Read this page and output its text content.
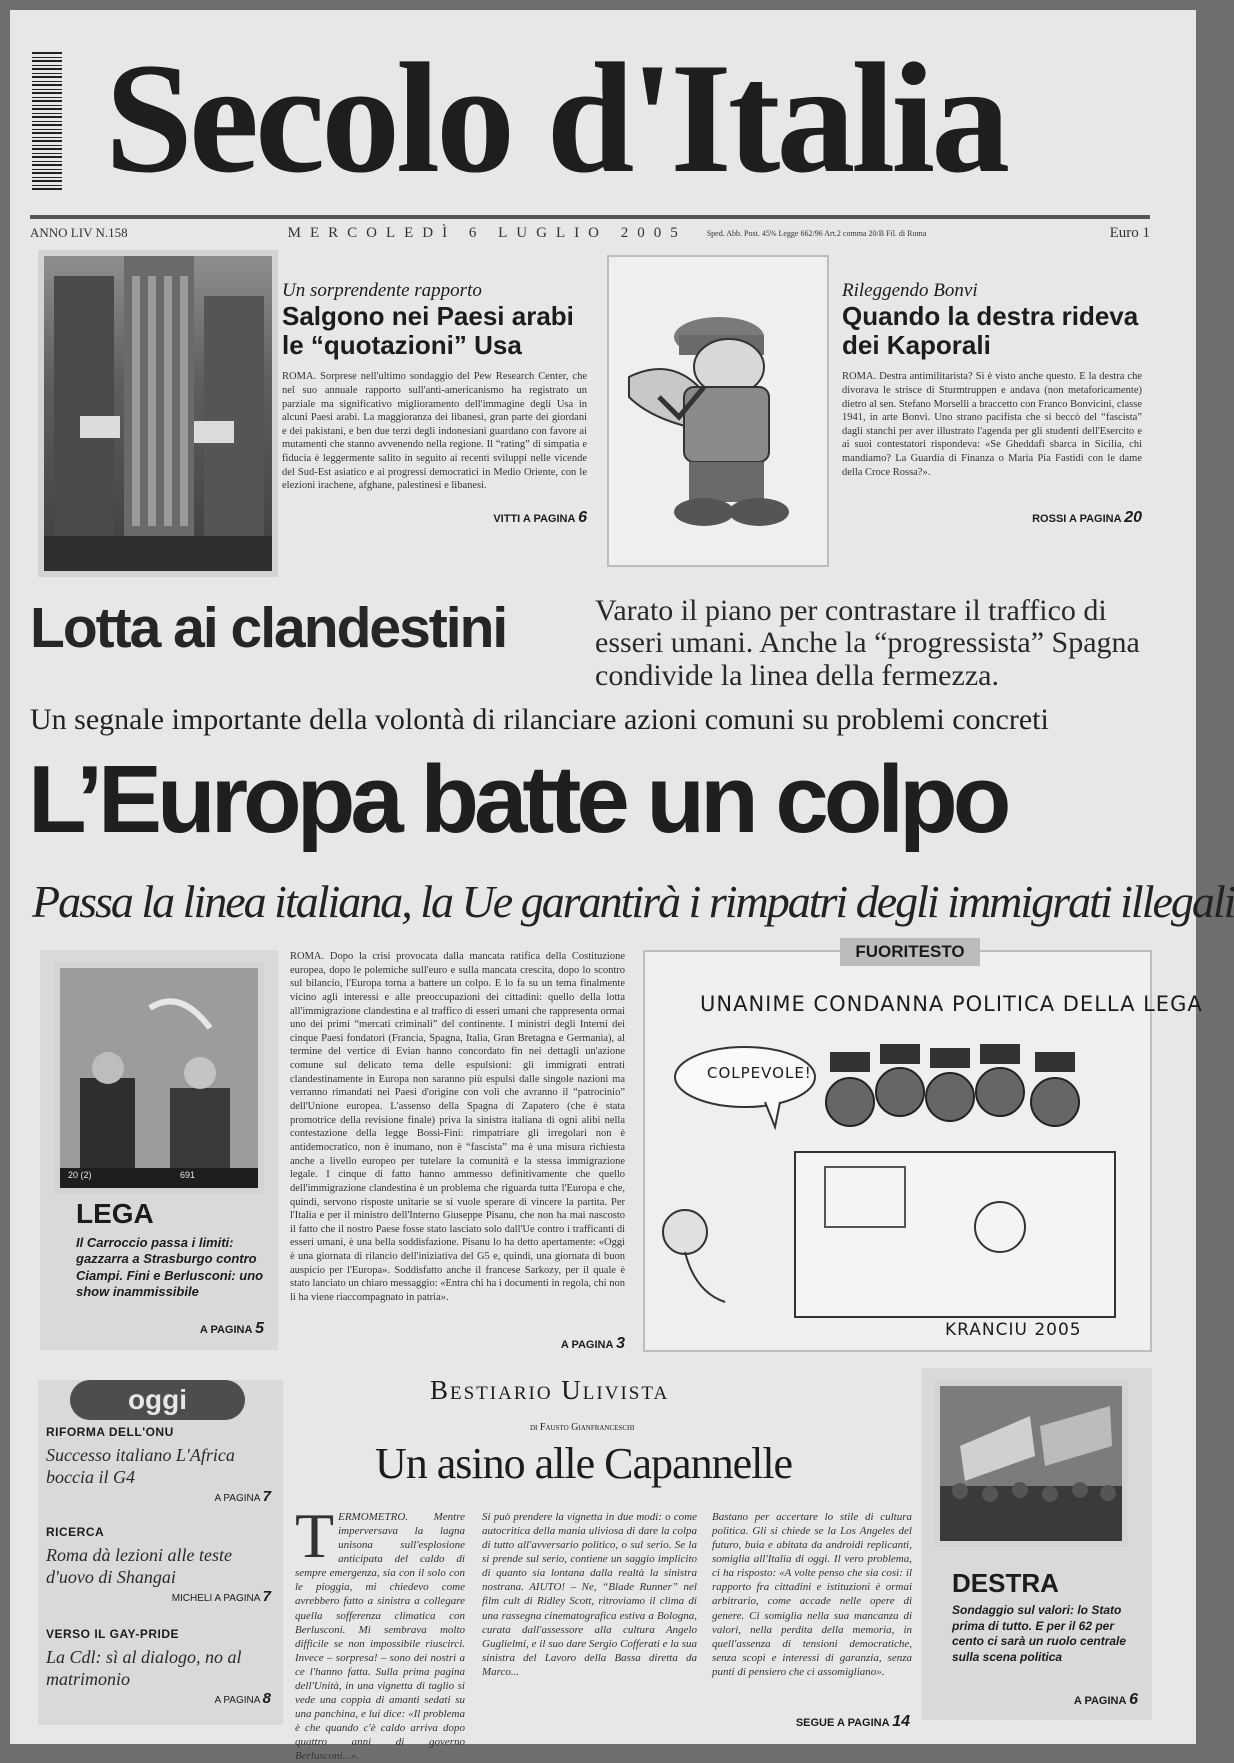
Secolo d'Italia
ANNO LIV N.158	MERCOLEDÌ 6 LUGLIO 2005	Sped. Abb. Post. 45% Legge 662/96 Art.2 comma 20/B Fil. di Roma	Euro 1
Un sorprendente rapporto
Salgono nei Paesi arabi le “quotazioni” Usa
ROMA. Sorprese nell'ultimo sondaggio del Pew Research Center, che nel suo annuale rapporto sull'anti-americanismo ha registrato un parziale ma significativo miglioramento dell'immagine degli Usa in alcuni Paesi arabi. La maggioranza dei libanesi, gran parte dei giordani e dei pakistani, e ben due terzi degli indonesiani guardano con favore ai mutamenti che stanno avvenendo nella regione. Il “rating” di simpatia e fiducia è leggermente salito in seguito ai recenti sviluppi nelle vicende del Sud-Est asiatico e ai progressi democratici in Medio Oriente, con le elezioni irachene, afghane, palestinesi e libanesi.
VITTI A PAGINA 6
Rileggendo Bonvi
Quando la destra rideva dei Kaporali
ROMA. Destra antimilitarista? Si è visto anche questo. E la destra che divorava le strisce di Sturmtruppen e andava (non metaforicamente) dietro al sen. Stefano Morselli a braccetto con Franco Bonvicini, classe 1941, in arte Bonvi. Uno strano pacifista che si beccò del “fascista” dagli stanchi per aver illustrato l'agenda per gli studenti dell'Esercito e ai suoi contestatori rispondeva: «Se Gheddafi sbarca in Sicilia, chi mandiamo? La Guardia di Finanza o Maria Pia Fastidi con le dame della Croce Rossa?».
ROSSI A PAGINA 20
Lotta ai clandestini	Varato il piano per contrastare il traffico di esseri umani. Anche la “progressista” Spagna condivide la linea della fermezza.
Un segnale importante della volontà di rilanciare azioni comuni su problemi concreti
L’Europa batte un colpo
Passa la linea italiana, la Ue garantirà i rimpatri degli immigrati illegali
20 (2)	691
LEGA
Il Carroccio passa i limiti: gazzarra a Strasburgo contro Ciampi. Fini e Berlusconi: uno show inammissibile
A PAGINA 5
ROMA. Dopo la crisi provocata dalla mancata ratifica della Costituzione europea, dopo le polemiche sull'euro e sulla mancata crescita, dopo lo scontro sul bilancio, l'Europa torna a battere un colpo. E lo fa su un tema finalmente vicino agli interessi e alle preoccupazioni dei cittadini: quello della lotta all'immigrazione clandestina e al traffico di esseri umani che rappresenta ormai uno dei primi “mercati criminali” del continente. I ministri degli Interni dei cinque Paesi fondatori (Francia, Spagna, Italia, Gran Bretagna e Germania), al termine del vertice di Evian hanno concordato fin nei dettagli un'azione comune sul delicato tema delle espulsioni: gli immigrati entrati clandestinamente in Europa non saranno più espulsi dalle singole nazioni ma verranno rimandati nei Paesi d'origine con voli che avranno il “patrocinio” dell'Unione europea. L'assenso della Spagna di Zapatero (che è stata promotrice della revisione finale) priva la sinistra italiana di ogni alibi nella contestazione della legge Bossi-Fini: rimpatriare gli irregolari non è antidemocratico, non è inumano, non è “fascista” ma è una misura richiesta anche a livello europeo per tutelare la comunità e la stessa immigrazione legale. I cinque di fatto hanno ammesso definitivamente che quello dell'immigrazione clandestina è un problema che riguarda tutta l'Europa e che, quindi, servono risposte unitarie se si vuole sperare di vincere la partita. Per l'Italia e per il ministro dell'Interno Giuseppe Pisanu, che non ha mai nascosto il fatto che il nostro Paese fosse stato lasciato solo dall'Ue contro i trafficanti di esseri umani, è una bella soddisfazione. Pisanu lo ha detto apertamente: «Oggi è una giornata di rilancio dell'iniziativa del G5 e, quindi, una giornata di buon auspicio per l'Europa». Soddisfatto anche il francese Sarkozy, per il quale è stato lanciato un chiaro messaggio: «Entra chi ha i documenti in regola, chi non li ha viene riaccompagnato in patria».
A PAGINA 3
UNANIME CONDANNA POLITICA DELLA LEGA
COLPEVOLE!
KRANCIU 2005
FUORITESTO
oggi
RIFORMA DELL'ONU
Successo italiano L'Africa boccia il G4
A PAGINA 7
RICERCA
Roma dà lezioni alle teste d'uovo di Shangai
MICHELI A PAGINA 7
VERSO IL GAY-PRIDE
La Cdl: sì al dialogo, no al matrimonio
A PAGINA 8
Bestiario Ulivista
di Fausto Gianfranceschi
Un asino alle Capannelle
TERMOMETRO. Mentre imperversava la lagna unisona sull'esplosione anticipata del caldo di sempre emergenza, sia con il solo con le pioggia, mi chiedevo come avrebbero fatto a sinistra a collegare quella sofferenza climatica con Berlusconi. Mi sembrava molto difficile se non impossibile riuscirci. Invece – sorpresa! – sono dei nostri a ce l'hanno fatta. Sulla prima pagina dell'Unità, in una vignetta di taglio si vede una coppia di amanti sedati su una panchina, e lui dice: «Il problema è che quando c'è caldo arriva dopo quattro anni di governo Berlusconi...».
Si può prendere la vignetta in due modi: o come autocritica della mania uliviosa di dare la colpa di tutto all'avversario politico, o sul serio. Se la si prende sul serio, contiene un saggio implicito di quanto sia lontana dalla realtà la sinistra nostrana. AIUTO! – Ne, “Blade Runner” nel film cult di Ridley Scott, ritroviamo il clima di una rassegna cinematografica estiva a Bologna, curata dall'assessore alla cultura Angelo Guglielmi, e il suo dare Sergio Cofferati e la sua sinistra del Lavoro della Bassa diretta da Marco...
Bastano per accertare lo stile di cultura politica. Gli si chiede se la Los Angeles del futuro, buia e abitata da androidi replicanti, somiglia all'Italia di oggi. Il vero problema, ci ha risposto: «A volte penso che sia così: il rapporto fra cittadini e istituzioni è ormai arbitrario, come accade nelle opere di genere. Ci somiglia nella sua mancanza di valori, nella perdita della memoria, in quell'assenza di tensioni democratiche, senza scopi e interessi di garanzia, senza punti di pensiero che ci assomigliano».
SEGUE A PAGINA 14
DESTRA
Sondaggio sul valori: lo Stato prima di tutto. E per il 62 per cento ci sarà un ruolo centrale sulla scena politica
A PAGINA 6
